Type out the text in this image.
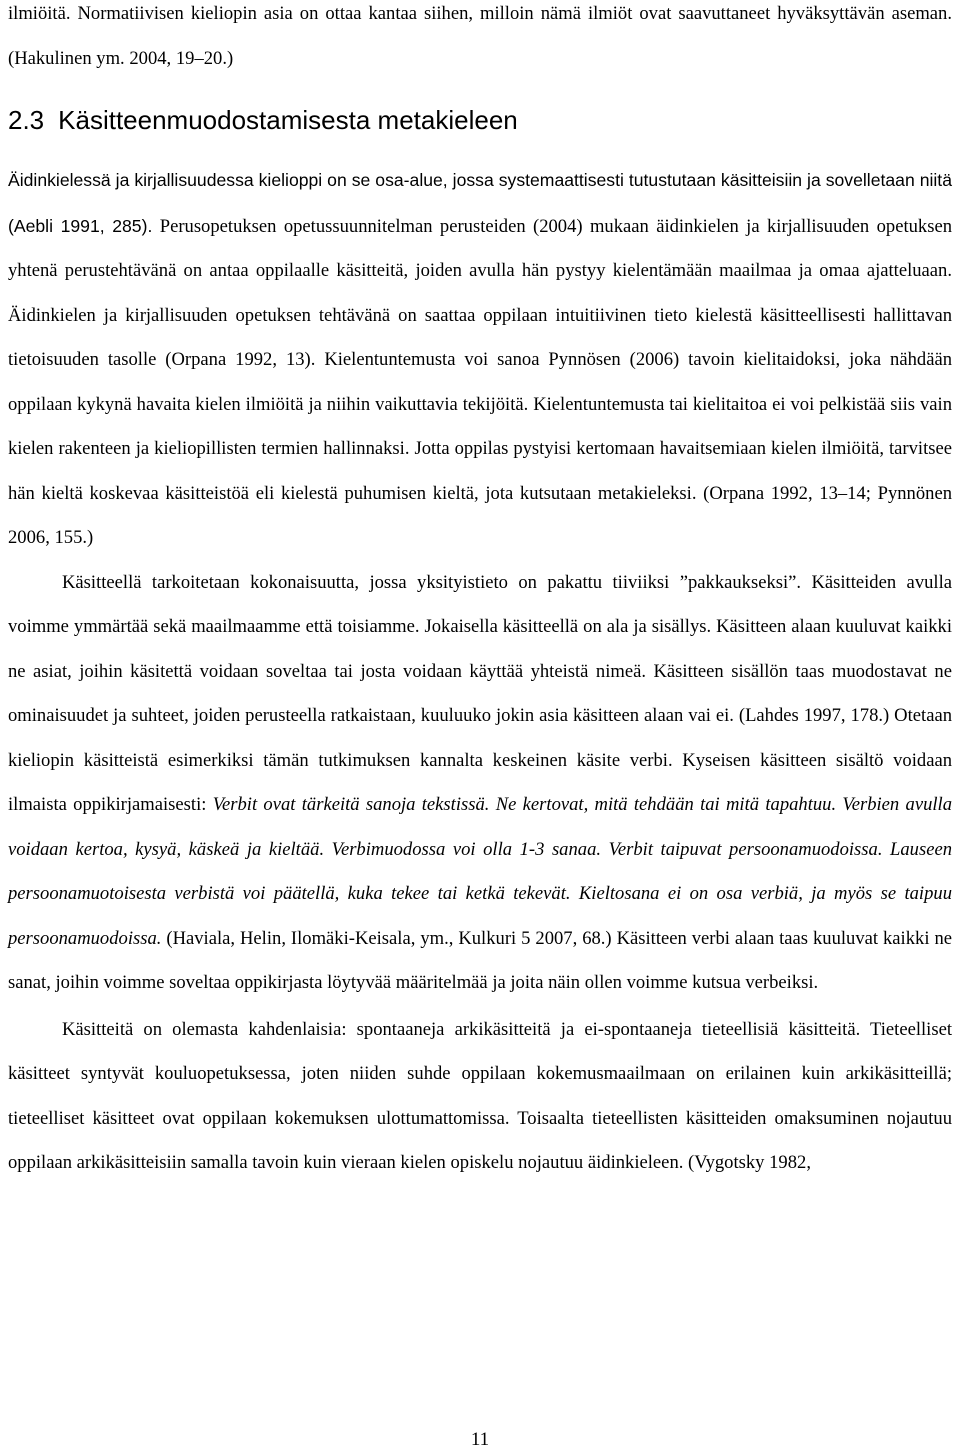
ilmiöitä. Normatiivisen kieliopin asia on ottaa kantaa siihen, milloin nämä ilmiöt ovat saavuttaneet hyväksyttävän aseman. (Hakulinen ym. 2004, 19–20.)

2.3 Käsitteenmuodostamisesta metakieleen

Äidinkielessä ja kirjallisuudessa kielioppi on se osa-alue, jossa systemaattisesti tutustutaan käsitteisiin ja sovelletaan niitä (Aebli 1991, 285). Perusopetuksen opetussuunnitelman perusteiden (2004) mukaan äidinkielen ja kirjallisuuden opetuksen yhtenä perustehtävänä on antaa oppilaalle käsitteitä, joiden avulla hän pystyy kielentämään maailmaa ja omaa ajatteluaan. Äidinkielen ja kirjallisuuden opetuksen tehtävänä on saattaa oppilaan intuitiivinen tieto kielestä käsitteellisesti hallittavan tietoisuuden tasolle (Orpana 1992, 13). Kielentuntemusta voi sanoa Pynnösen (2006) tavoin kielitaidoksi, joka nähdään oppilaan kykynä havaita kielen ilmiöitä ja niihin vaikuttavia tekijöitä. Kielentuntemusta tai kielitaitoa ei voi pelkistää siis vain kielen rakenteen ja kieliopillisten termien hallinnaksi. Jotta oppilas pystyisi kertomaan havaitsemiaan kielen ilmiöitä, tarvitsee hän kieltä koskevaa käsitteistöä eli kielestä puhumisen kieltä, jota kutsutaan metakieleksi. (Orpana 1992, 13–14; Pynnönen 2006, 155.)

Käsitteellä tarkoitetaan kokonaisuutta, jossa yksityistieto on pakattu tiiviiksi ”pakkaukseksi”. Käsitteiden avulla voimme ymmärtää sekä maailmaamme että toisiamme. Jokaisella käsitteellä on ala ja sisällys. Käsitteen alaan kuuluvat kaikki ne asiat, joihin käsitettä voidaan soveltaa tai josta voidaan käyttää yhteistä nimeä. Käsitteen sisällön taas muodostavat ne ominaisuudet ja suhteet, joiden perusteella ratkaistaan, kuuluuko jokin asia käsitteen alaan vai ei. (Lahdes 1997, 178.) Otetaan kieliopin käsitteistä esimerkiksi tämän tutkimuksen kannalta keskeinen käsite verbi. Kyseisen käsitteen sisältö voidaan ilmaista oppikirjamaisesti: Verbit ovat tärkeitä sanoja tekstissä. Ne kertovat, mitä tehdään tai mitä tapahtuu. Verbien avulla voidaan kertoa, kysyä, käskeä ja kieltää. Verbimuodossa voi olla 1-3 sanaa. Verbit taipuvat persoonamuodoissa. Lauseen persoonamuotoisesta verbistä voi päätellä, kuka tekee tai ketkä tekevät. Kieltosana ei on osa verbiä, ja myös se taipuu persoonamuodoissa. (Haviala, Helin, Ilomäki-Keisala, ym., Kulkuri 5 2007, 68.) Käsitteen verbi alaan taas kuuluvat kaikki ne sanat, joihin voimme soveltaa oppikirjasta löytyvää määritelmää ja joita näin ollen voimme kutsua verbeiksi.

Käsitteitä on olemasta kahdenlaisia: spontaaneja arkikäsitteitä ja ei-spontaaneja tieteellisiä käsitteitä. Tieteelliset käsitteet syntyvät kouluopetuksessa, joten niiden suhde oppilaan kokemusmaailmaan on erilainen kuin arkikäsitteillä; tieteelliset käsitteet ovat oppilaan kokemuksen ulottumattomissa. Toisaalta tieteellisten käsitteiden omaksuminen nojautuu oppilaan arkikäsitteisiin samalla tavoin kuin vieraan kielen opiskelu nojautuu äidinkieleen. (Vygotsky 1982,

11
